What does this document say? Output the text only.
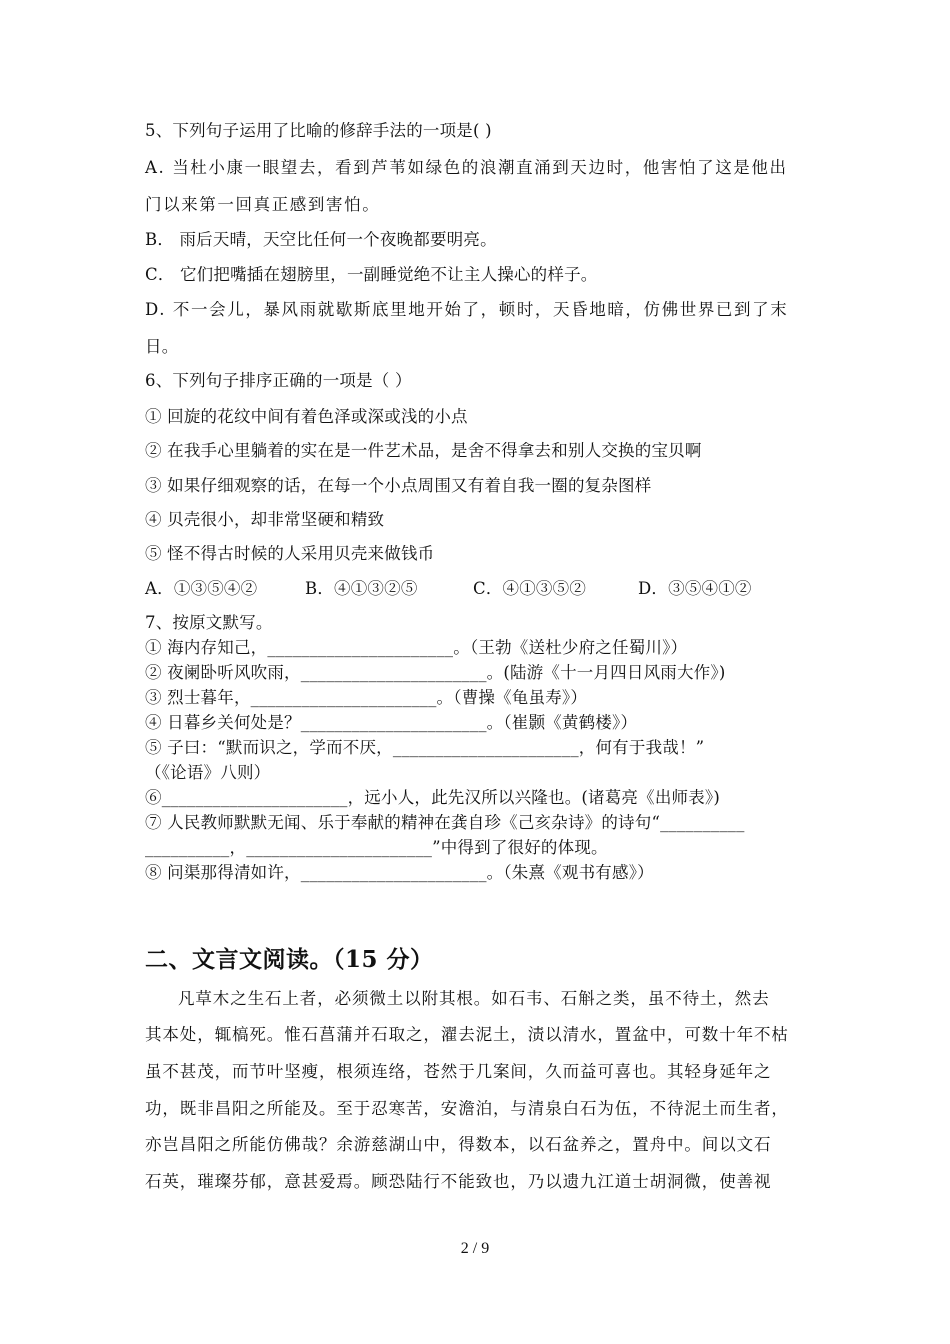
5、下列句子运用了比喻的修辞手法的一项是( )
A. 当杜小康一眼望去，看到芦苇如绿色的浪潮直涌到天边时，他害怕了这是他出
门以来第一回真正感到害怕。
B． 雨后天晴，天空比任何一个夜晚都要明亮。
C． 它们把嘴插在翅膀里，一副睡觉绝不让主人操心的样子。
D. 不一会儿，暴风雨就歇斯底里地开始了，顿时，天昏地暗，仿佛世界已到了末
日。
6、下列句子排序正确的一项是（ ）
① 回旋的花纹中间有着色泽或深或浅的小点
② 在我手心里躺着的实在是一件艺术品，是舍不得拿去和别人交换的宝贝啊
③ 如果仔细观察的话，在每一个小点周围又有着自我一圈的复杂图样
④ 贝壳很小，却非常坚硬和精致
⑤ 怪不得古时候的人采用贝壳来做钱币
A．①③⑤④②	B．④①③②⑤	C．④①③⑤②	D．③⑤④①②
7、按原文默写。
① 海内存知己，______________________。（王勃《送杜少府之任蜀川》）
② 夜阑卧听风吹雨，______________________。(陆游《十一月四日风雨大作》)
③ 烈士暮年，______________________。（曹操《龟虽寿》）
④ 日暮乡关何处是？______________________。（崔颢《黄鹤楼》）
⑤ 子曰：“默而识之，学而不厌，______________________，何有于我哉！”
（《论语》八则）
⑥______________________，远小人，此先汉所以兴隆也。(诸葛亮《出师表》)
⑦ 人民教师默默无闻、乐于奉献的精神在龚自珍《己亥杂诗》的诗句“__________
__________，______________________”中得到了很好的体现。
⑧ 问渠那得清如许，______________________。（朱熹《观书有感》）
二、文言文阅读。（15 分）
凡草木之生石上者，必须微土以附其根。如石韦、石斛之类，虽不待土，然去
其本处，辄槁死。惟石菖蒲并石取之，濯去泥土，渍以清水，置盆中，可数十年不枯
虽不甚茂，而节叶坚瘦，根须连络，苍然于几案间，久而益可喜也。其轻身延年之
功，既非昌阳之所能及。至于忍寒苦，安澹泊，与清泉白石为伍，不待泥土而生者，
亦岂昌阳之所能仿佛哉？余游慈湖山中，得数本，以石盆养之，置舟中。间以文石
石英，璀璨芬郁，意甚爱焉。顾恐陆行不能致也，乃以遗九江道士胡洞微，使善视
2 / 9
